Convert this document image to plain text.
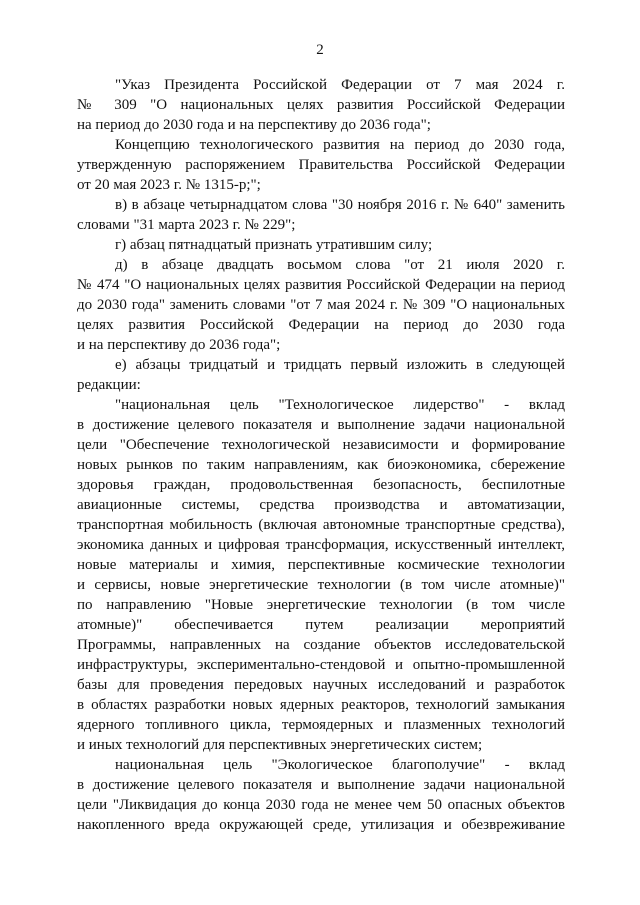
2
"Указ Президента Российской Федерации от 7 мая 2024 г.
№ 309 "О национальных целях развития Российской Федерации
на период до 2030 года и на перспективу до 2036 года";
Концепцию технологического развития на период до 2030 года,
утвержденную распоряжением Правительства Российской Федерации
от 20 мая 2023 г. № 1315-р;";
в) в абзаце четырнадцатом слова "30 ноября 2016 г. № 640" заменить
словами "31 марта 2023 г. № 229";
г) абзац пятнадцатый признать утратившим силу;
д) в абзаце двадцать восьмом слова "от 21 июля 2020 г.
№ 474 "О национальных целях развития Российской Федерации на период
до 2030 года" заменить словами "от 7 мая 2024 г. № 309 "О национальных
целях развития Российской Федерации на период до 2030 года
и на перспективу до 2036 года";
е) абзацы тридцатый и тридцать первый изложить в следующей
редакции:
"национальная цель "Технологическое лидерство" - вклад
в достижение целевого показателя и выполнение задачи национальной
цели "Обеспечение технологической независимости и формирование
новых рынков по таким направлениям, как биоэкономика, сбережение
здоровья граждан, продовольственная безопасность, беспилотные
авиационные системы, средства производства и автоматизации,
транспортная мобильность (включая автономные транспортные средства),
экономика данных и цифровая трансформация, искусственный интеллект,
новые материалы и химия, перспективные космические технологии
и сервисы, новые энергетические технологии (в том числе атомные)"
по направлению "Новые энергетические технологии (в том числе
атомные)" обеспечивается путем реализации мероприятий
Программы, направленных на создание объектов исследовательской
инфраструктуры, экспериментально-стендовой и опытно-промышленной
базы для проведения передовых научных исследований и разработок
в областях разработки новых ядерных реакторов, технологий замыкания
ядерного топливного цикла, термоядерных и плазменных технологий
и иных технологий для перспективных энергетических систем;
национальная цель "Экологическое благополучие" - вклад
в достижение целевого показателя и выполнение задачи национальной
цели "Ликвидация до конца 2030 года не менее чем 50 опасных объектов
накопленного вреда окружающей среде, утилизация и обезвреживание
